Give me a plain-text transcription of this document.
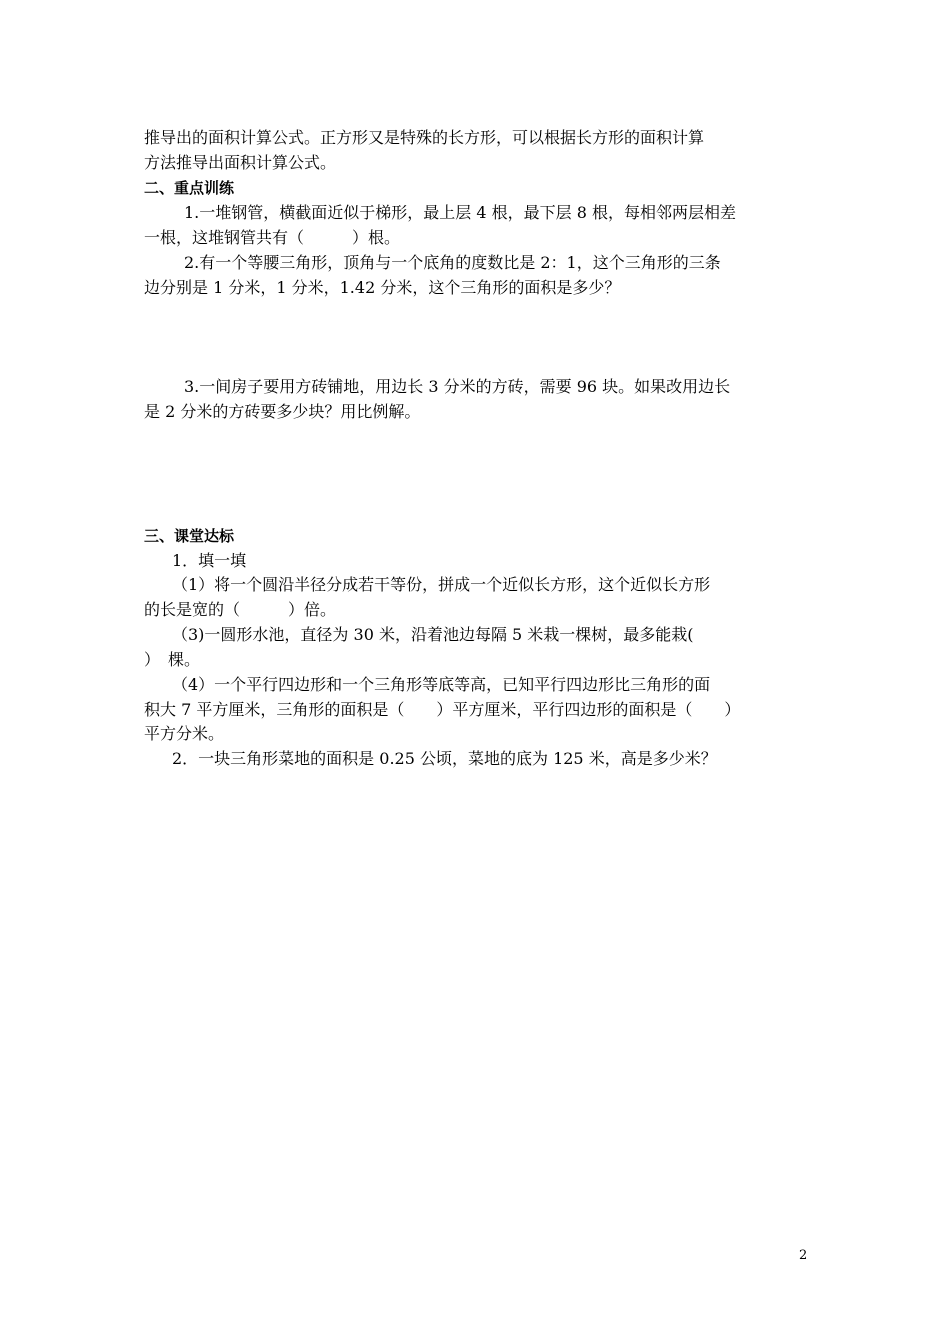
推导出的面积计算公式。正方形又是特殊的长方形，可以根据长方形的面积计算
方法推导出面积计算公式。
二、重点训练
1.一堆钢管，横截面近似于梯形，最上层 4 根，最下层 8 根，每相邻两层相差
一根，这堆钢管共有（　　　）根。
2.有一个等腰三角形，顶角与一个底角的度数比是 2：1，这个三角形的三条
边分别是 1 分米，1 分米，1.42 分米，这个三角形的面积是多少？
3.一间房子要用方砖铺地，用边长 3 分米的方砖，需要 96 块。如果改用边长
是 2 分米的方砖要多少块？用比例解。
三、课堂达标
1．填一填
（1）将一个圆沿半径分成若干等份，拼成一个近似长方形，这个近似长方形
的长是宽的（　　　）倍。
（3)一圆形水池，直径为 30 米，沿着池边每隔 5 米栽一棵树，最多能栽(
）　棵。
（4）一个平行四边形和一个三角形等底等高，已知平行四边形比三角形的面
积大 7 平方厘米，三角形的面积是（　　）平方厘米，平行四边形的面积是（　　）
平方分米。
2．一块三角形菜地的面积是 0.25 公顷，菜地的底为 125 米，高是多少米？
2
